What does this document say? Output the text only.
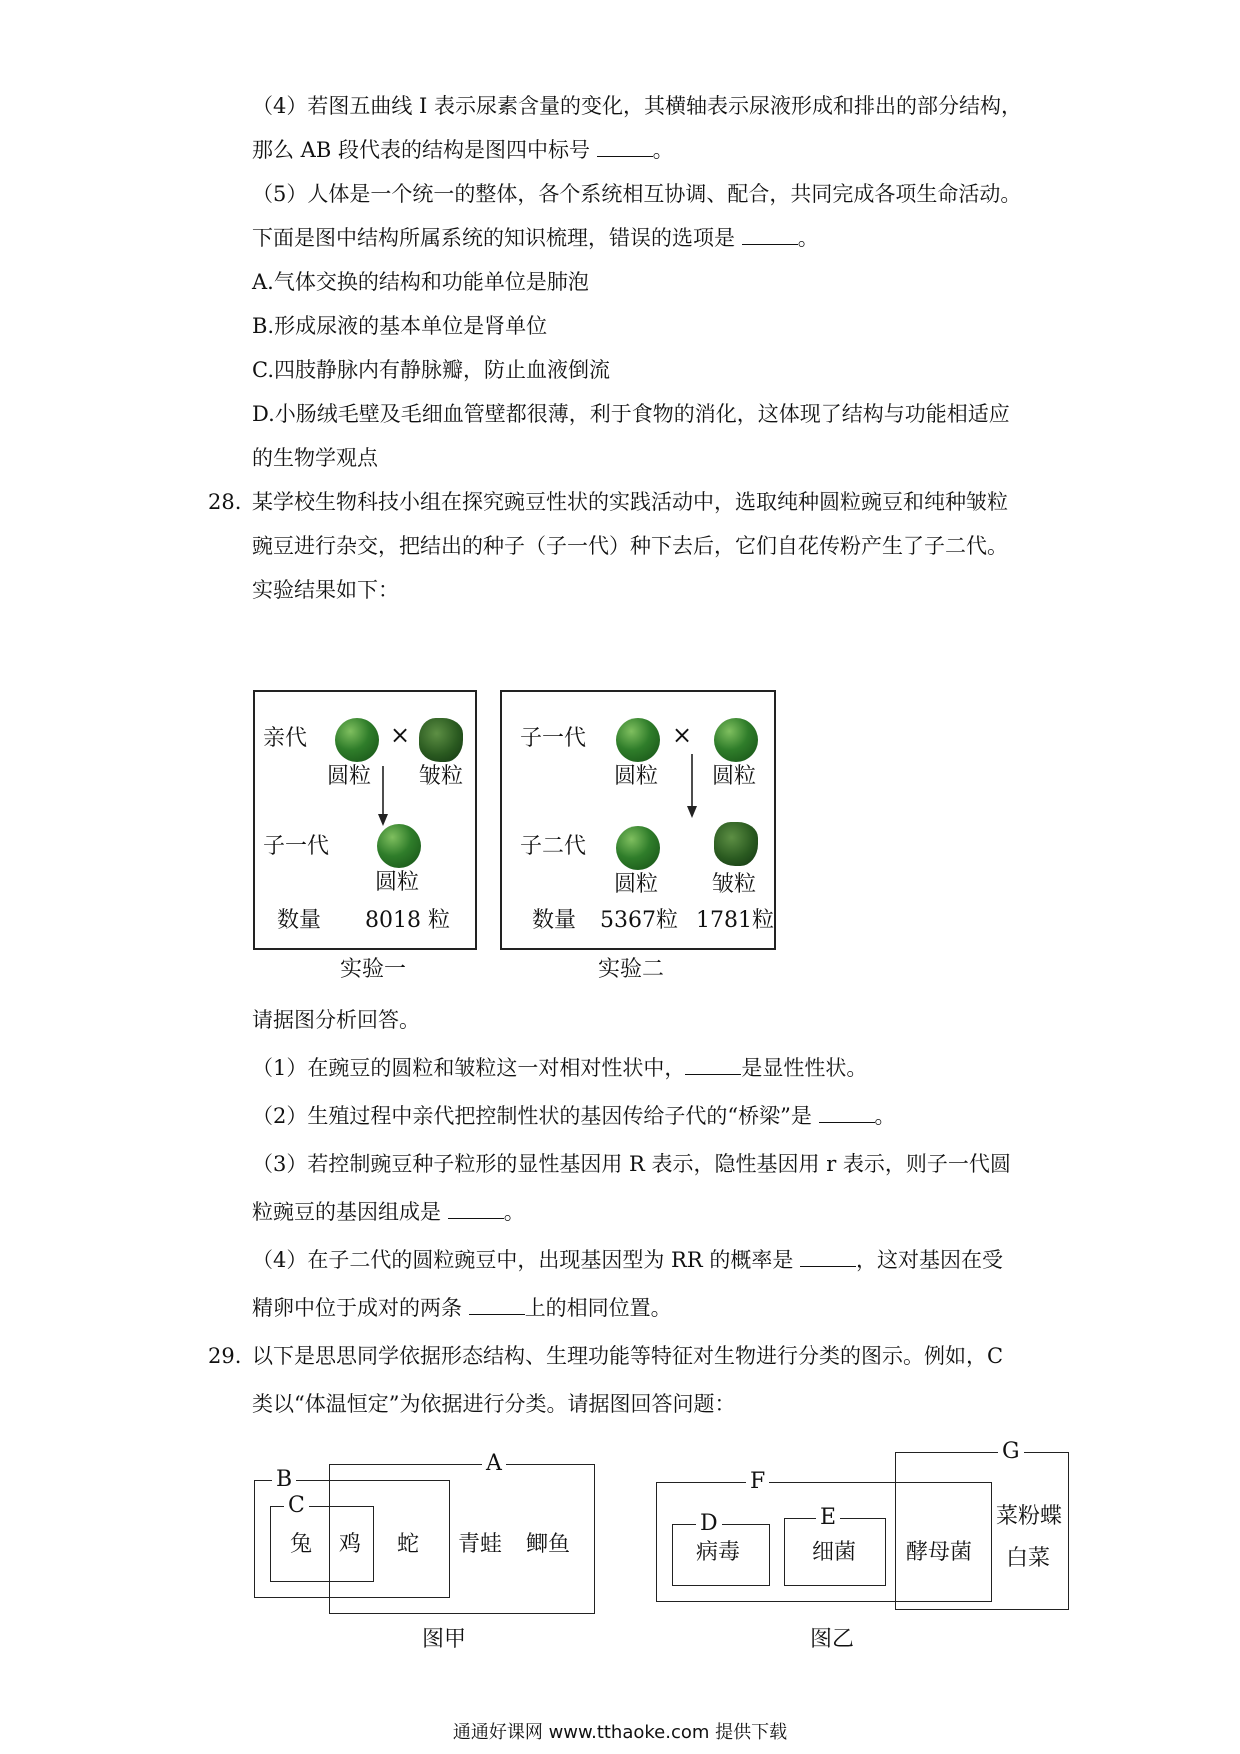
（4）若图五曲线 I 表示尿素含量的变化，其横轴表示尿液形成和排出的部分结构，
那么 AB 段代表的结构是图四中标号	。
（5）人体是一个统一的整体，各个系统相互协调、配合，共同完成各项生命活动。
下面是图中结构所属系统的知识梳理，错误的选项是	。
A.气体交换的结构和功能单位是肺泡
B.形成尿液的基本单位是肾单位
C.四肢静脉内有静脉瓣，防止血液倒流
D.小肠绒毛壁及毛细血管壁都很薄，利于食物的消化，这体现了结构与功能相适应
的生物学观点
28. 某学校生物科技小组在探究豌豆性状的实践活动中，选取纯种圆粒豌豆和纯种皱粒
豌豆进行杂交，把结出的种子（子一代）种下去后，它们自花传粉产生了子二代。
实验结果如下：
亲代	×
圆粒 皱粒
子一代
圆粒
数量 8018 粒
实验一
子一代	×
圆粒 圆粒
子二代
圆粒 皱粒
数量 5367粒 1781粒
实验二
请据图分析回答。
（1）在豌豆的圆粒和皱粒这一对相对性状中，	是显性性状。
（2）生殖过程中亲代把控制性状的基因传给子代的“桥梁”是	。
（3）若控制豌豆种子粒形的显性基因用 R 表示，隐性基因用 r 表示，则子一代圆
粒豌豆的基因组成是	。
（4）在子二代的圆粒豌豆中，出现基因型为 RR 的概率是	，这对基因在受
精卵中位于成对的两条	上的相同位置。
29. 以下是思思同学依据形态结构、生理功能等特征对生物进行分类的图示。例如，C
类以“体温恒定”为依据进行分类。请据图回答问题：
A
B
C
兔 鸡 蛇 青蛙 鲫鱼
图甲
F
D	E
G
病毒	细菌 酵母菌
菜粉蝶
白菜
图乙
通通好课网 www.tthaoke.com 提供下载
